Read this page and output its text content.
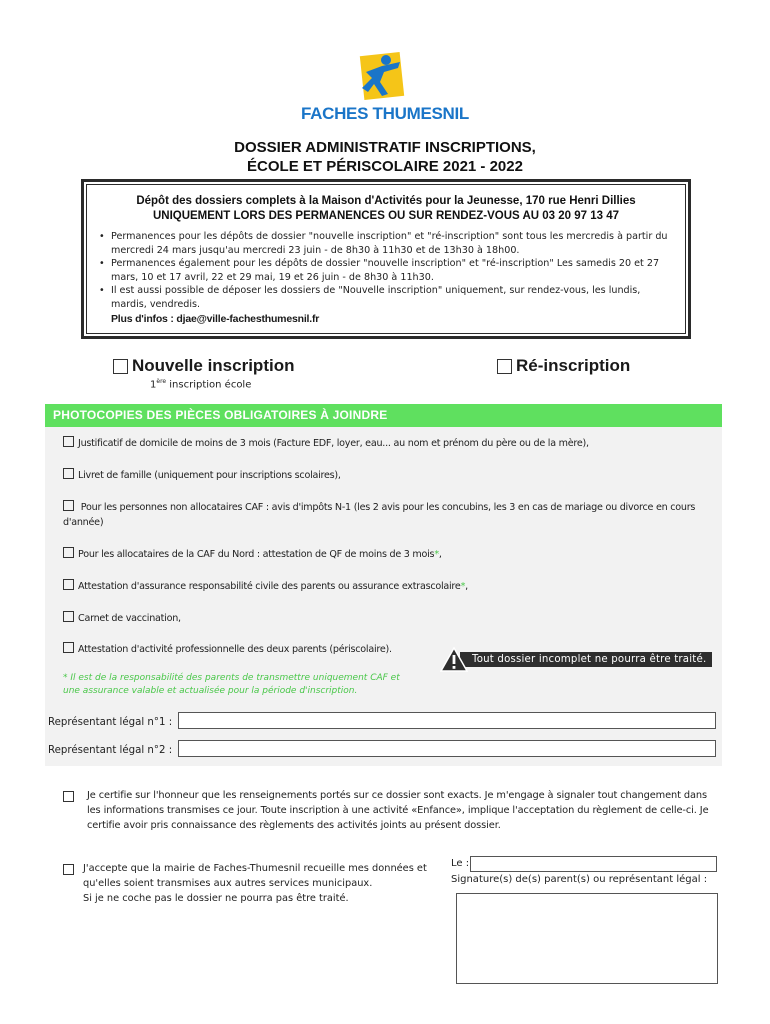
FACHES THUMESNIL
DOSSIER ADMINISTRATIF INSCRIPTIONS,
ÉCOLE ET PÉRISCOLAIRE 2021 - 2022
Dépôt des dossiers complets à la Maison d'Activités pour la Jeunesse, 170 rue Henri Dillies
UNIQUEMENT LORS DES PERMANENCES OU SUR RENDEZ-VOUS AU 03 20 97 13 47
• Permanences pour les dépôts de dossier "nouvelle inscription" et "ré-inscription" sont tous les mercredis à partir du mercredi 24 mars jusqu'au mercredi 23 juin - de 8h30 à 11h30 et de 13h30 à 18h00.
• Permanences également pour les dépôts de dossier "nouvelle inscription" et "ré-inscription" Les samedis 20 et 27 mars, 10 et 17 avril, 22 et 29 mai, 19 et 26 juin - de 8h30 à 11h30.
• Il est aussi possible de déposer les dossiers de "Nouvelle inscription" uniquement, sur rendez-vous, les lundis, mardis, vendredis.
Plus d'infos : djae@ville-fachesthumesnil.fr
Nouvelle inscription
1ère inscription école
Ré-inscription
PHOTOCOPIES DES PIÈCES OBLIGATOIRES À JOINDRE
Justificatif de domicile de moins de 3 mois (Facture EDF, loyer, eau... au nom et prénom du père ou de la mère),
Livret de famille (uniquement pour inscriptions scolaires),
Pour les personnes non allocataires CAF : avis d'impôts N-1 (les 2 avis pour les concubins, les 3 en cas de mariage ou divorce en cours d'année)
Pour les allocataires de la CAF du Nord : attestation de QF de moins de 3 mois*,
Attestation d'assurance responsabilité civile des parents ou assurance extrascolaire*,
Carnet de vaccination,
Attestation d'activité professionnelle des deux parents (périscolaire).
Tout dossier incomplet ne pourra être traité.
* Il est de la responsabilité des parents de transmettre uniquement CAF et une assurance valable et actualisée pour la période d'inscription.
Représentant légal n°1 :
Représentant légal n°2 :
Je certifie sur l'honneur que les renseignements portés sur ce dossier sont exacts. Je m'engage à signaler tout changement dans les informations transmises ce jour. Toute inscription à une activité «Enfance», implique l'acceptation du règlement de celle-ci. Je certifie avoir pris connaissance des règlements des activités joints au présent dossier.
J'accepte que la mairie de Faches-Thumesnil recueille mes données et qu'elles soient transmises aux autres services municipaux.
Si je ne coche pas le dossier ne pourra pas être traité.
Le :
Signature(s) de(s) parent(s) ou représentant légal :
